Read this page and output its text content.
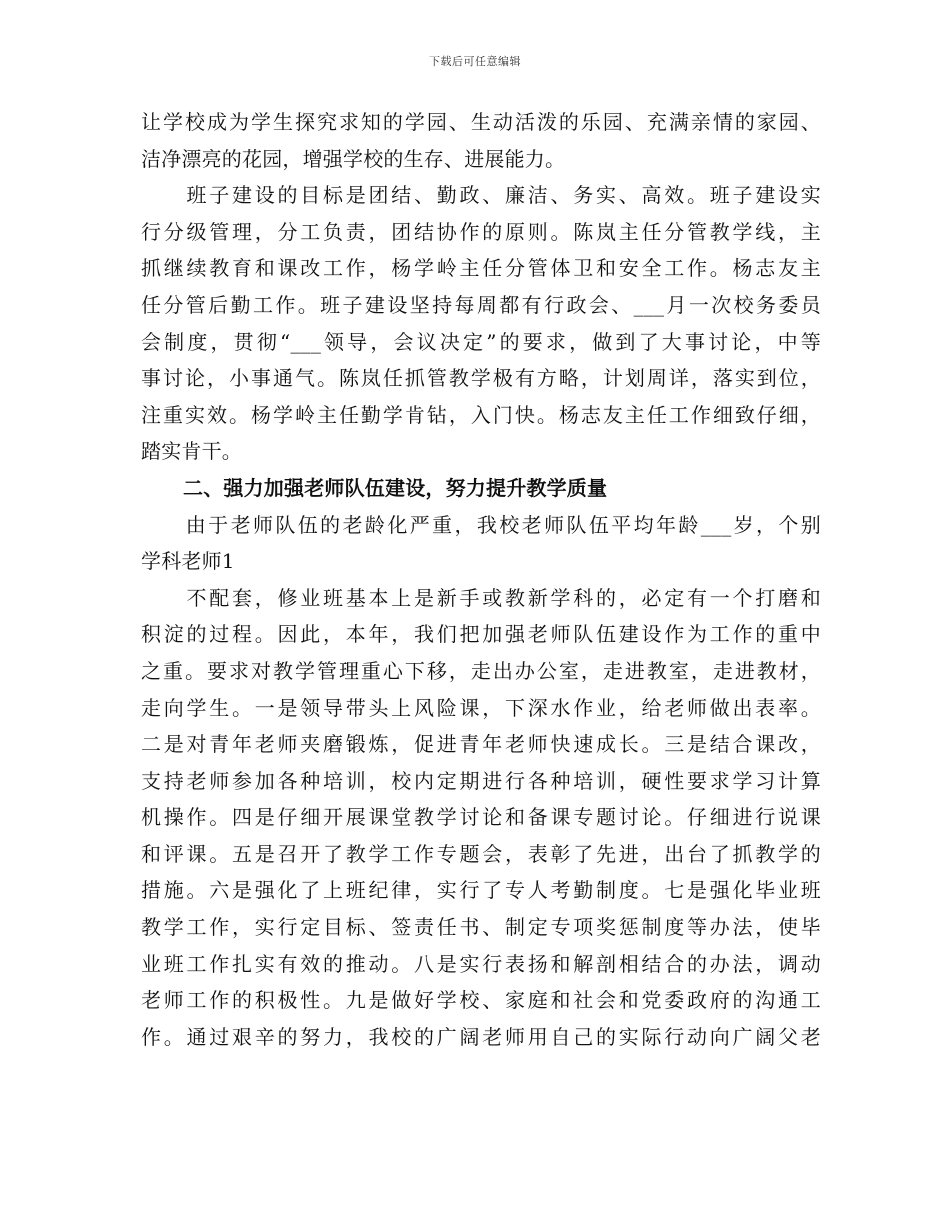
下载后可任意编辑
让学校成为学生探究求知的学园、生动活泼的乐园、充满亲情的家园、
洁净漂亮的花园，增强学校的生存、进展能力。
　　班子建设的目标是团结、勤政、廉洁、务实、高效。班子建设实
行分级管理，分工负责，团结协作的原则。陈岚主任分管教学线，主
抓继续教育和课改工作，杨学岭主任分管体卫和安全工作。杨志友主
任分管后勤工作。班子建设坚持每周都有行政会、___月一次校务委员
会制度，贯彻“___领导，会议决定”的要求，做到了大事讨论，中等
事讨论，小事通气。陈岚任抓管教学极有方略，计划周详，落实到位，
注重实效。杨学岭主任勤学肯钻，入门快。杨志友主任工作细致仔细，
踏实肯干。
二、强力加强老师队伍建设，努力提升教学质量
　　由于老师队伍的老龄化严重，我校老师队伍平均年龄___岁，个别
学科老师1
　　不配套，修业班基本上是新手或教新学科的，必定有一个打磨和
积淀的过程。因此，本年，我们把加强老师队伍建设作为工作的重中
之重。要求对教学管理重心下移，走出办公室，走进教室，走进教材，
走向学生。一是领导带头上风险课，下深水作业，给老师做出表率。
二是对青年老师夹磨锻炼，促进青年老师快速成长。三是结合课改，
支持老师参加各种培训，校内定期进行各种培训，硬性要求学习计算
机操作。四是仔细开展课堂教学讨论和备课专题讨论。仔细进行说课
和评课。五是召开了教学工作专题会，表彰了先进，出台了抓教学的
措施。六是强化了上班纪律，实行了专人考勤制度。七是强化毕业班
教学工作，实行定目标、签责任书、制定专项奖惩制度等办法，使毕
业班工作扎实有效的推动。八是实行表扬和解剖相结合的办法，调动
老师工作的积极性。九是做好学校、家庭和社会和党委政府的沟通工
作。通过艰辛的努力，我校的广阔老师用自己的实际行动向广阔父老
